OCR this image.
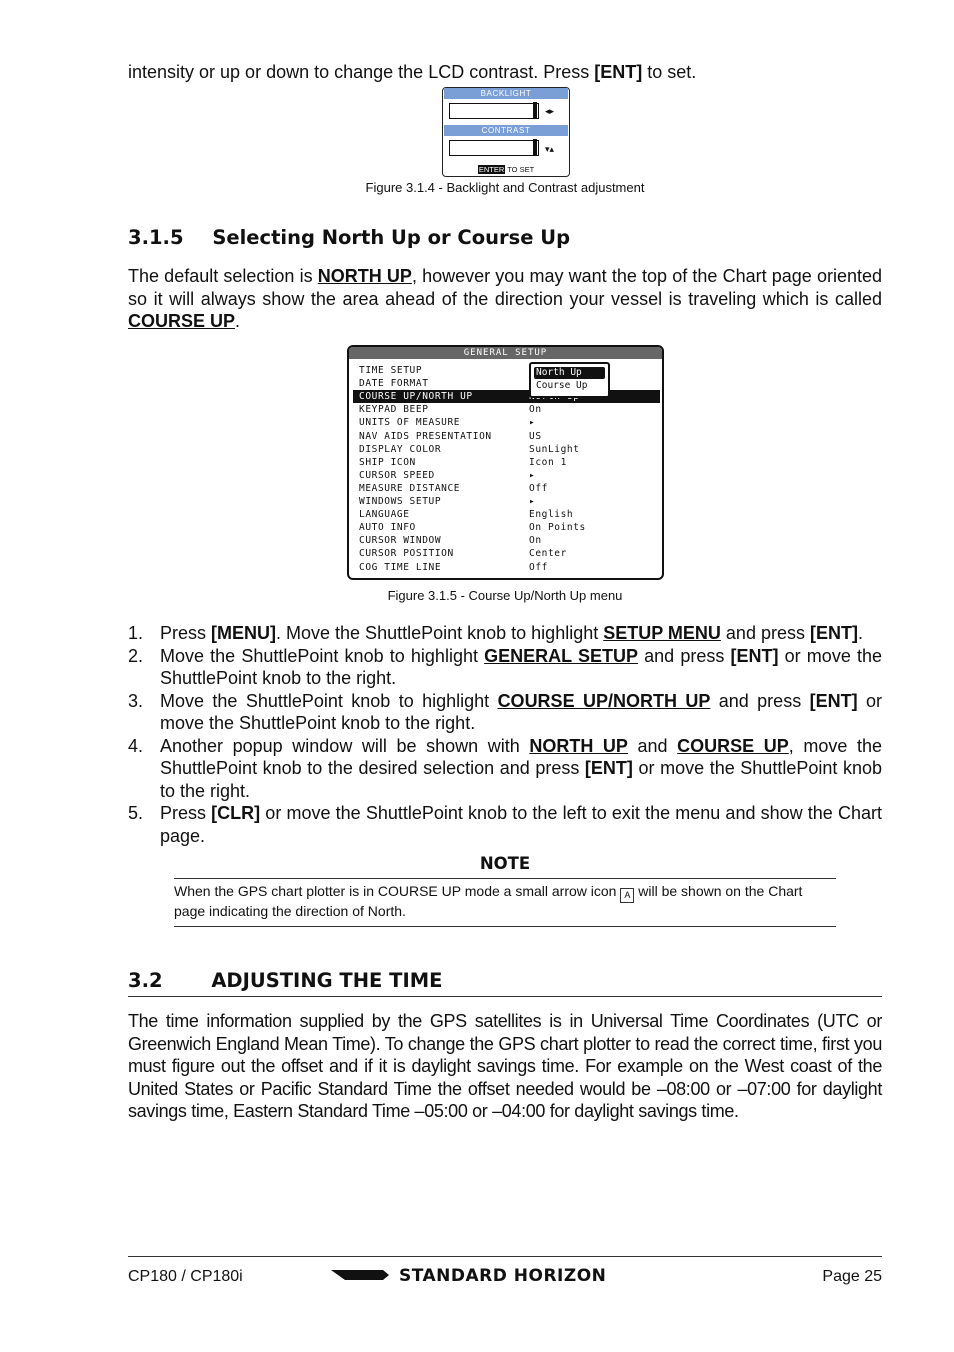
intensity or up or down to change the LCD contrast. Press [ENT] to set.
BACKLIGHT
◂▸
CONTRAST
▾▴
ENTER TO SET
Figure 3.1.4 - Backlight and Contrast adjustment
3.1.5 Selecting North Up or Course Up
The default selection is NORTH UP, however you may want the top of the Chart page oriented so it will always show the area ahead of the direction your vessel is traveling which is called COURSE UP.
GENERAL SETUP
TIME SETUP
DATE FORMAT
COURSE UP/NORTH UP
KEYPAD BEEP	On
UNITS OF MEASURE	▸
NAV AIDS PRESENTATION	US
DISPLAY COLOR	SunLight
SHIP ICON	Icon 1
CURSOR SPEED	▸
MEASURE DISTANCE	Off
WINDOWS SETUP	▸
LANGUAGE	English
AUTO INFO	On Points
CURSOR WINDOW	On
CURSOR POSITION	Center
COG TIME LINE	Off
North Up
Course Up
Figure 3.1.5 - Course Up/North Up menu
1. Press [MENU]. Move the ShuttlePoint knob to highlight SETUP MENU and press [ENT].
2. Move the ShuttlePoint knob to highlight GENERAL SETUP and press [ENT] or move the ShuttlePoint knob to the right.
3. Move the ShuttlePoint knob to highlight COURSE UP/NORTH UP and press [ENT] or move the ShuttlePoint knob to the right.
4. Another popup window will be shown with NORTH UP and COURSE UP, move the ShuttlePoint knob to the desired selection and press [ENT] or move the ShuttlePoint knob to the right.
5. Press [CLR] or move the ShuttlePoint knob to the left to exit the menu and show the Chart page.
NOTE
When the GPS chart plotter is in COURSE UP mode a small arrow icon A will be shown on the Chart page indicating the direction of North.
3.2	ADJUSTING THE TIME
The time information supplied by the GPS satellites is in Universal Time Coordinates (UTC or Greenwich England Mean Time). To change the GPS chart plotter to read the correct time, first you must figure out the offset and if it is daylight savings time. For example on the West coast of the United States or Pacific Standard Time the offset needed would be –08:00 or –07:00 for daylight savings time, Eastern Standard Time –05:00 or –04:00 for daylight savings time.
CP180 / CP180i	STANDARD HORIZON	Page 25
